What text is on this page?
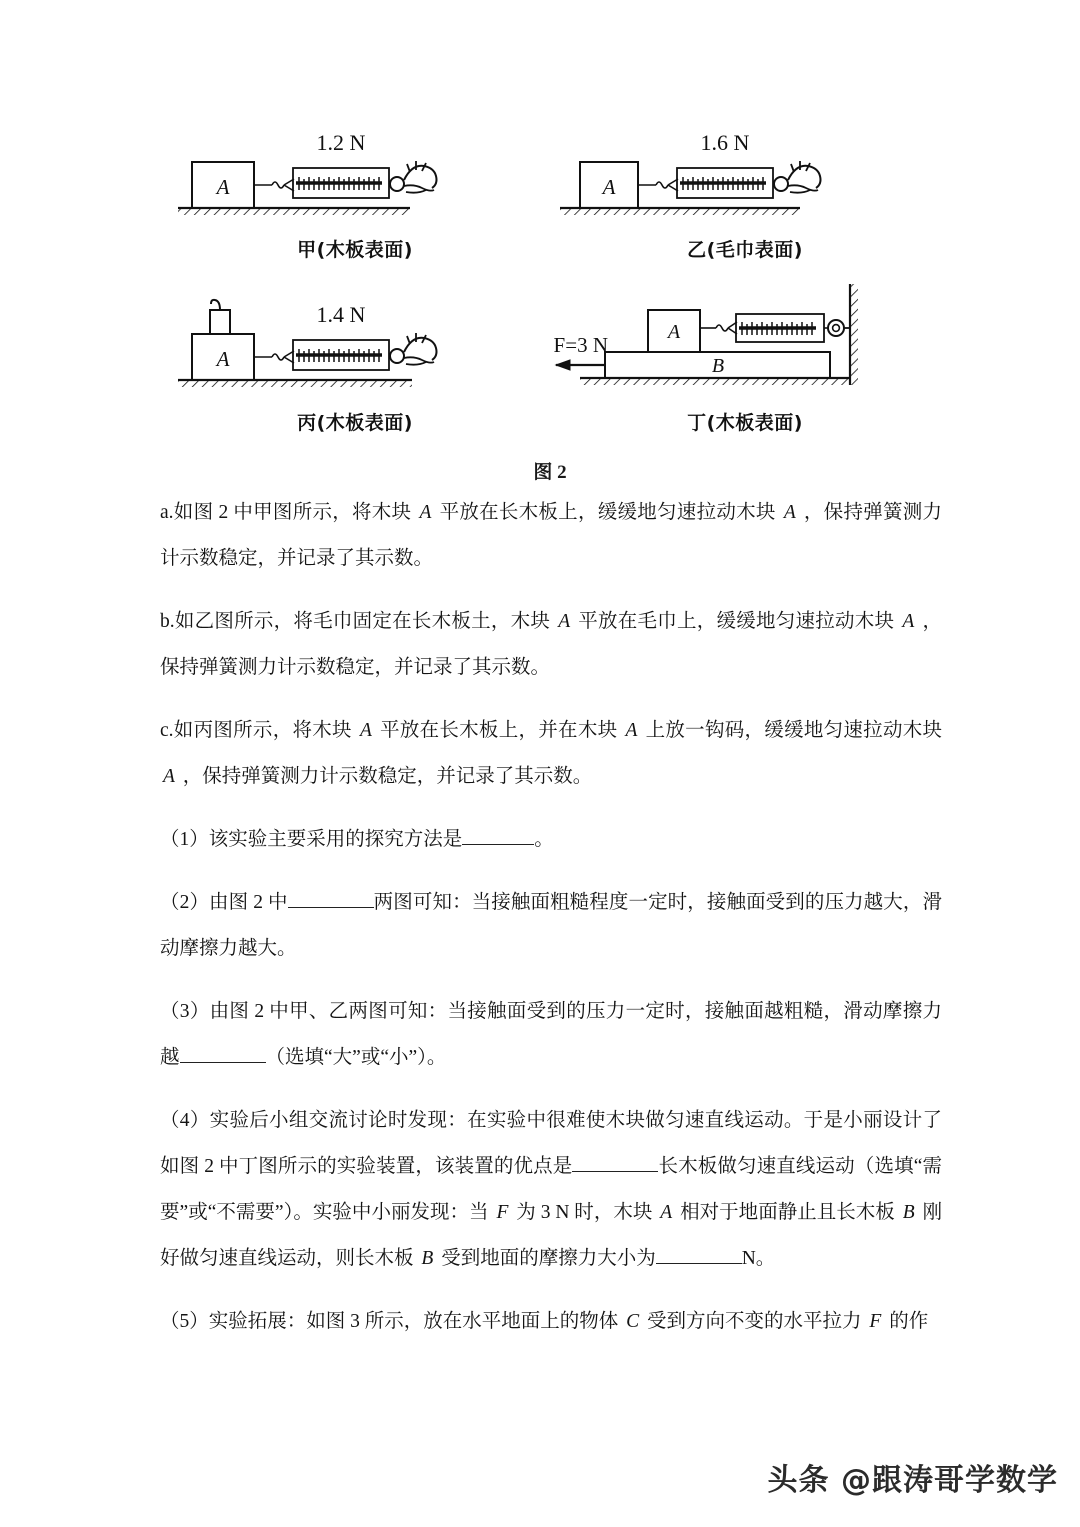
A
1.2 N
甲(木板表面)
A
1.6 N
乙(毛巾表面)
A
1.4 N
丙(木板表面)
B
A
F=3 N
丁(木板表面)
图 2

a.如图 2 中甲图所示，将木块 A 平放在长木板上，缓缓地匀速拉动木块 A ，保持弹簧测力计示数稳定，并记录了其示数。

b.如乙图所示，将毛巾固定在长木板土，木块 A 平放在毛巾上，缓缓地匀速拉动木块 A ，保持弹簧测力计示数稳定，并记录了其示数。

c.如丙图所示，将木块 A 平放在长木板上，并在木块 A 上放一钩码，缓缓地匀速拉动木块 A ，保持弹簧测力计示数稳定，并记录了其示数。

（1）该实验主要采用的探究方法是	。

（2）由图 2 中	两图可知：当接触面粗糙程度一定时，接触面受到的压力越大，滑动摩擦力越大。

（3）由图 2 中甲、乙两图可知：当接触面受到的压力一定时，接触面越粗糙，滑动摩擦力越	（选填“大”或“小”）。

（4）实验后小组交流讨论时发现：在实验中很难使木块做匀速直线运动。于是小丽设计了如图 2 中丁图所示的实验装置，该装置的优点是	长木板做匀速直线运动（选填“需要”或“不需要”）。实验中小丽发现：当 F 为 3 N 时，木块 A 相对于地面静止且长木板 B 刚好做匀速直线运动，则长木板 B 受到地面的摩擦力大小为	N。

（5）实验拓展：如图 3 所示，放在水平地面上的物体 C 受到方向不变的水平拉力 F 的作

头条 @跟涛哥学数学
